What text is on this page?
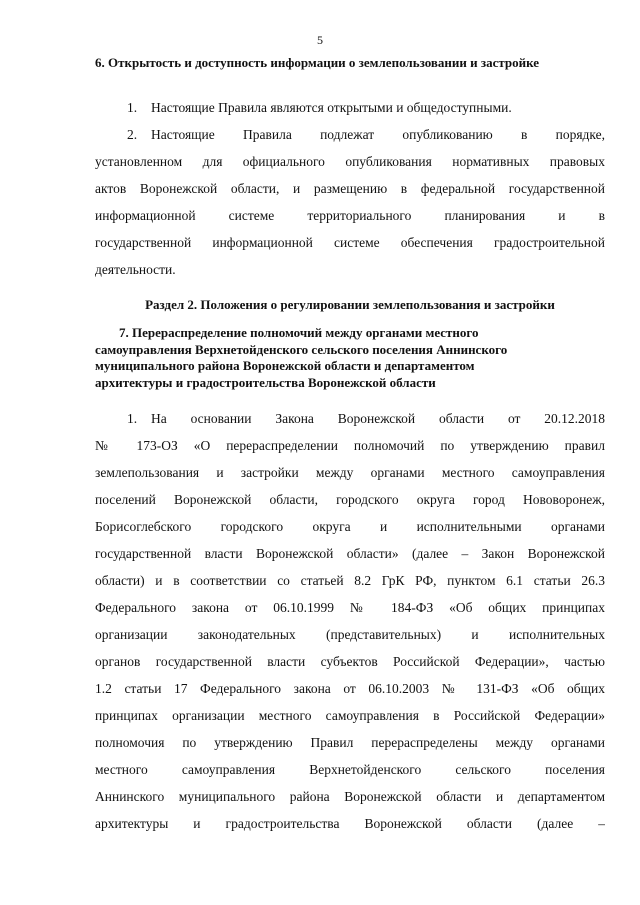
5

6. Открытость и доступность информации о землепользовании и застройке

1.	Настоящие Правила являются открытыми и общедоступными.

2.	Настоящие Правила подлежат опубликованию в порядке,

установленном для официального опубликования нормативных правовых

актов Воронежской области, и размещению в федеральной государственной

информационной системе территориального планирования и в

государственной информационной системе обеспечения градостроительной

деятельности.

Раздел 2. Положения о регулировании землепользования и застройки

7. Перераспределение полномочий между органами местного

самоуправления Верхнетойденского сельского поселения Аннинского

муниципального района Воронежской области и департаментом

архитектуры и градостроительства Воронежской области

1.	На основании Закона Воронежской области от 20.12.2018

№ 173-ОЗ «О перераспределении полномочий по утверждению правил

землепользования и застройки между органами местного самоуправления

поселений Воронежской области, городского округа город Нововоронеж,

Борисоглебского городского округа и исполнительными органами

государственной власти Воронежской области» (далее – Закон Воронежской

области) и в соответствии со статьей 8.2 ГрК РФ, пунктом 6.1 статьи 26.3

Федерального закона от 06.10.1999 № 184-ФЗ «Об общих принципах

организации законодательных (представительных) и исполнительных

органов государственной власти субъектов Российской Федерации», частью

1.2 статьи 17 Федерального закона от 06.10.2003 № 131-ФЗ «Об общих

принципах организации местного самоуправления в Российской Федерации»

полномочия по утверждению Правил перераспределены между органами

местного самоуправления Верхнетойденского сельского поселения

Аннинского муниципального района Воронежской области и департаментом

архитектуры и градостроительства Воронежской области (далее –
